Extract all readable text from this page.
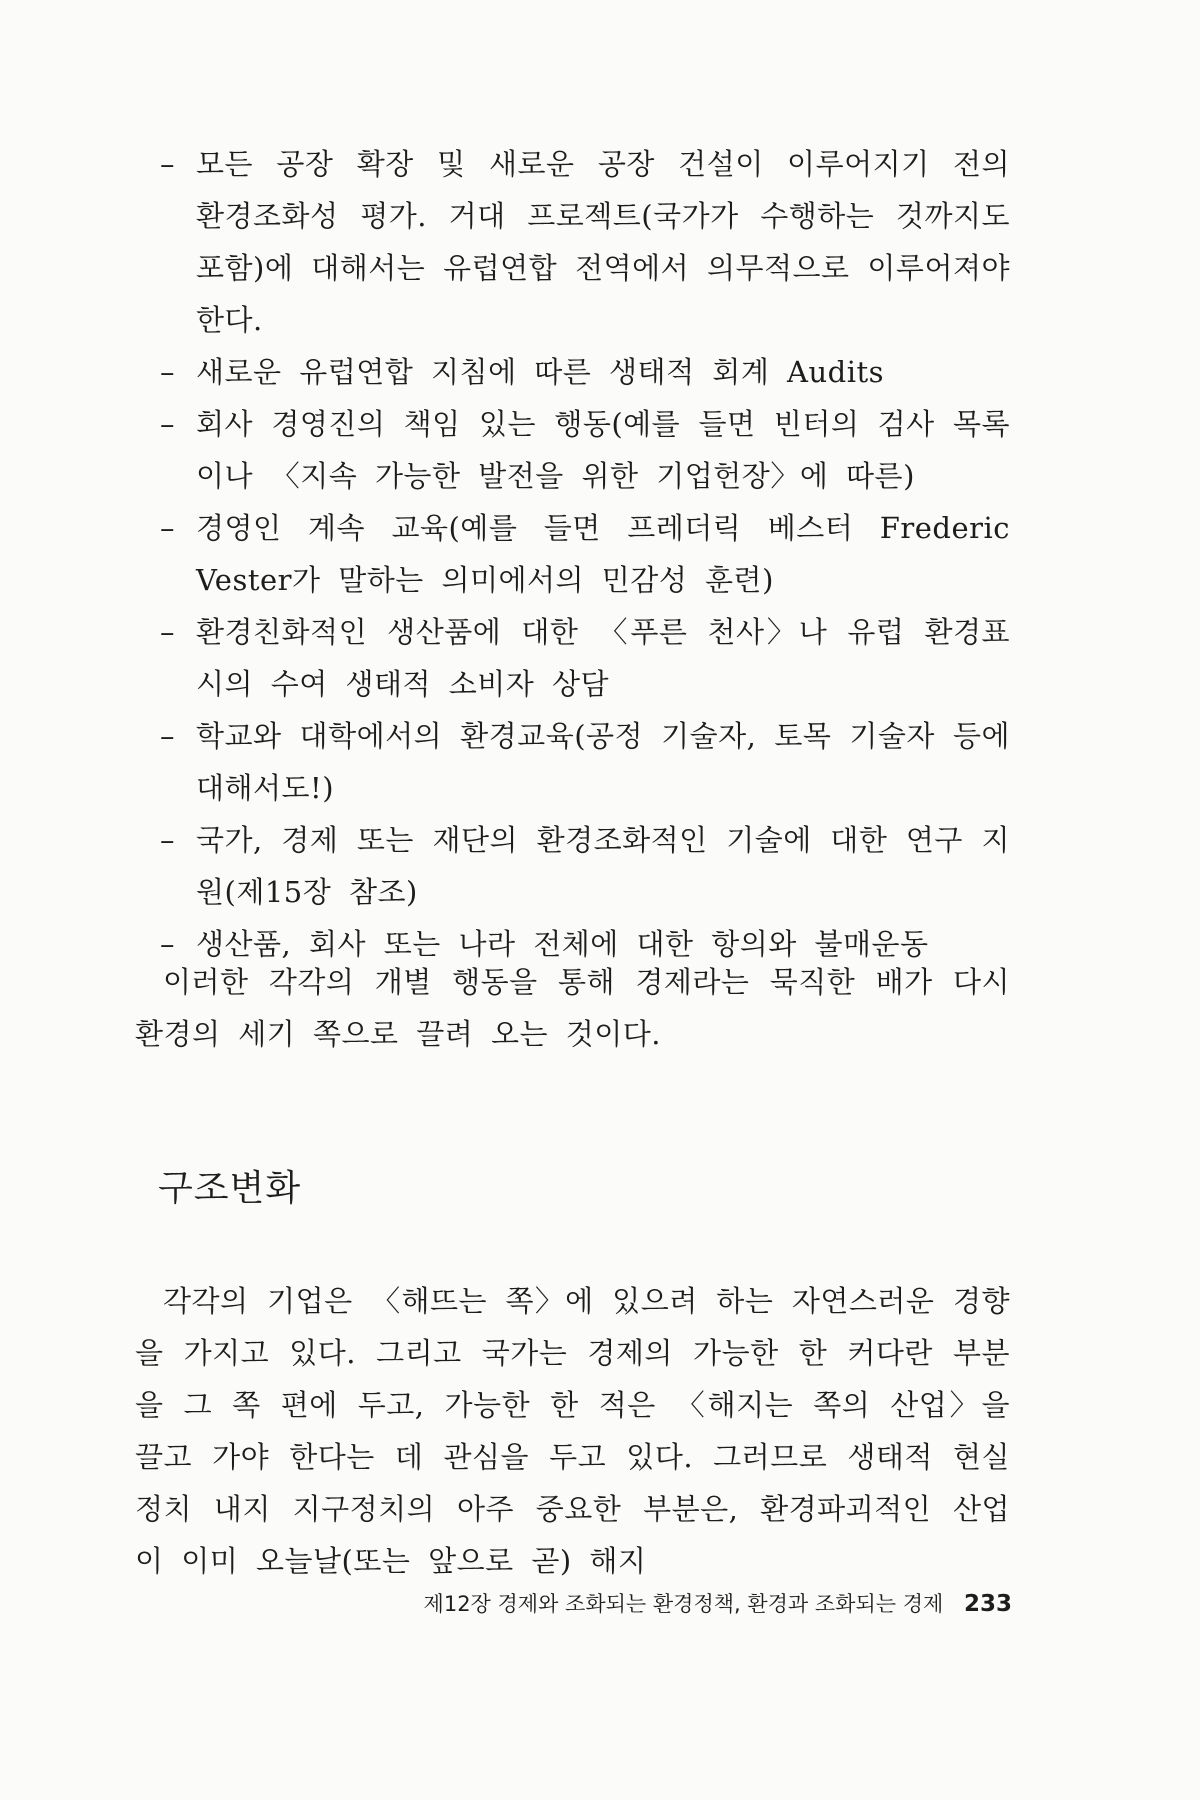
– 모든 공장 확장 및 새로운 공장 건설이 이루어지기 전의 환경조화성 평가. 거대 프로젝트(국가가 수행하는 것까지도 포함)에 대해서는 유럽연합 전역에서 의무적으로 이루어져야 한다.
– 새로운 유럽연합 지침에 따른 생태적 회계 Audits
– 회사 경영진의 책임 있는 행동(예를 들면 빈터의 검사 목록이나 〈지속 가능한 발전을 위한 기업헌장〉에 따른)
– 경영인 계속 교육(예를 들면 프레더릭 베스터 Frederic Vester가 말하는 의미에서의 민감성 훈련)
– 환경친화적인 생산품에 대한 〈푸른 천사〉나 유럽 환경표시의 수여 생태적 소비자 상담
– 학교와 대학에서의 환경교육(공정 기술자, 토목 기술자 등에 대해서도!)
– 국가, 경제 또는 재단의 환경조화적인 기술에 대한 연구 지원(제15장 참조)
– 생산품, 회사 또는 나라 전체에 대한 항의와 불매운동

이러한 각각의 개별 행동을 통해 경제라는 묵직한 배가 다시 환경의 세기 쪽으로 끌려 오는 것이다.

구조변화

각각의 기업은 〈해뜨는 쪽〉에 있으려 하는 자연스러운 경향을 가지고 있다. 그리고 국가는 경제의 가능한 한 커다란 부분을 그 쪽 편에 두고, 가능한 한 적은 〈해지는 쪽의 산업〉을 끌고 가야 한다는 데 관심을 두고 있다. 그러므로 생태적 현실 정치 내지 지구정치의 아주 중요한 부분은, 환경파괴적인 산업이 이미 오늘날(또는 앞으로 곧) 해지

제12장 경제와 조화되는 환경정책, 환경과 조화되는 경제 233
